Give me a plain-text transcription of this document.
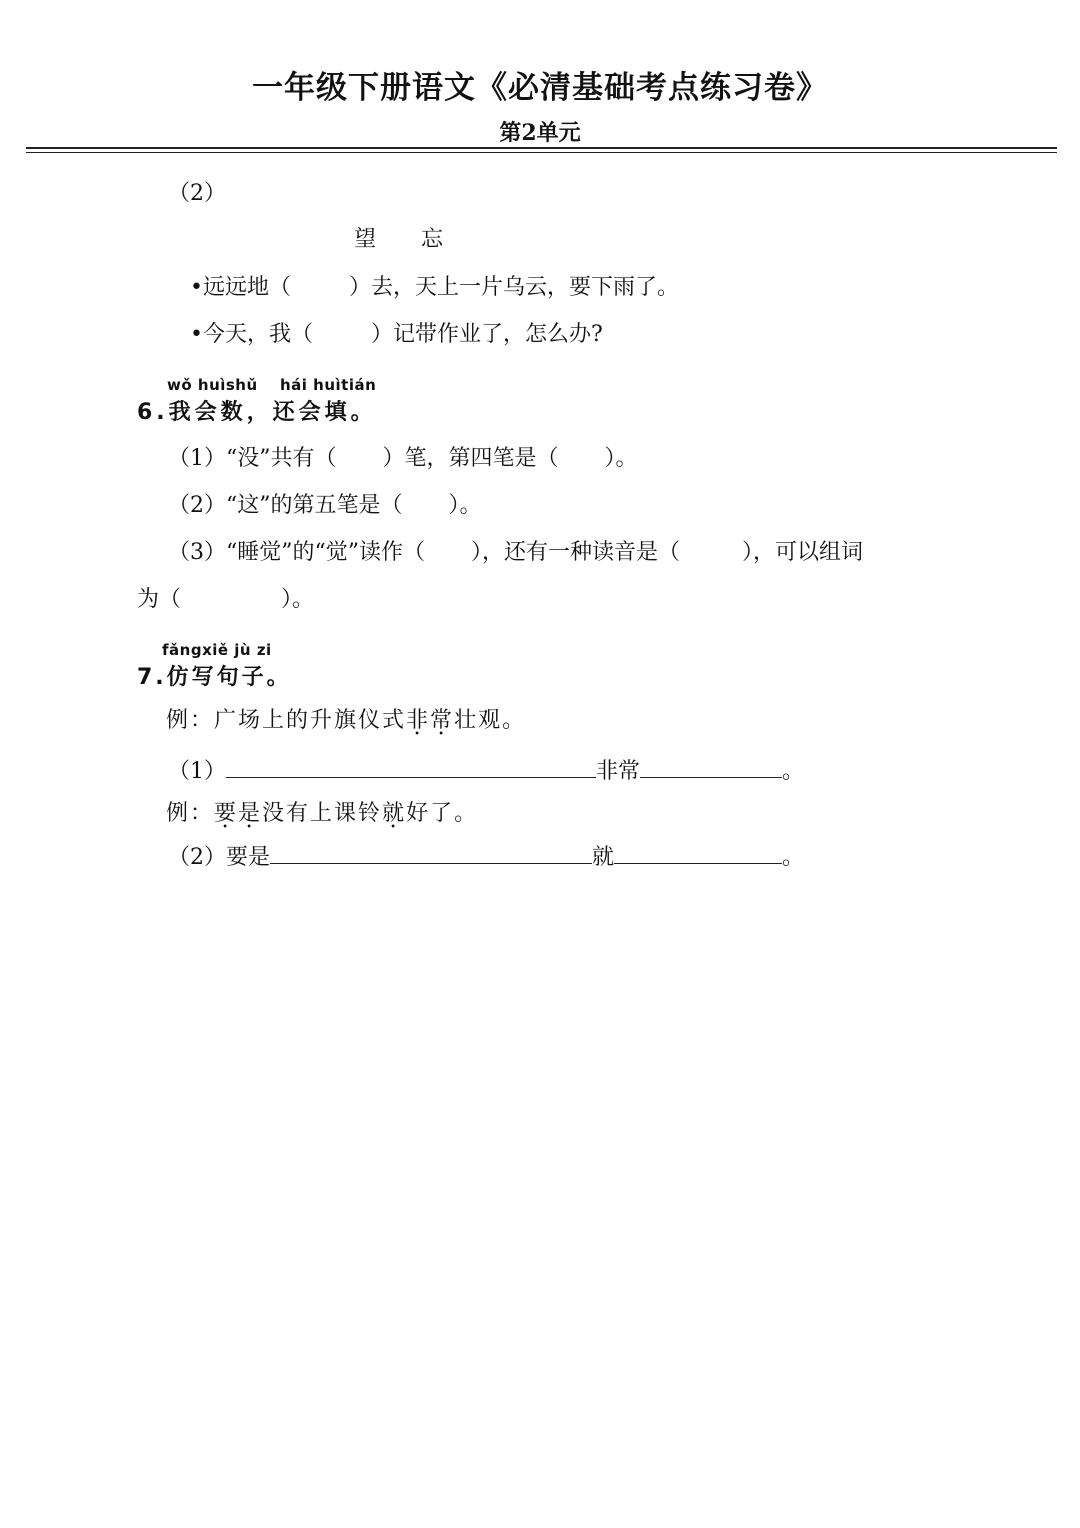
一年级下册语文《必清基础考点练习卷》
第2单元
（2）
望 忘
•远远地（	）去，天上一片乌云，要下雨了。
•今天，我（	）记带作业了，怎么办?
wǒ huìshǔ hái huìtián
6.我会数，还会填。
（1）“没”共有（ ）笔，第四笔是（ ）。
（2）“这”的第五笔是（ ）。
（3）“睡觉”的“觉”读作（ ），还有一种读音是（	），可以组词
为（	）。
fǎngxiě jù zi
7.仿写句子。
例：广场上的升旗仪式非常壮观。
（1）	非常	。
例：要是没有上课铃就好了。
（2）要是	就	。
